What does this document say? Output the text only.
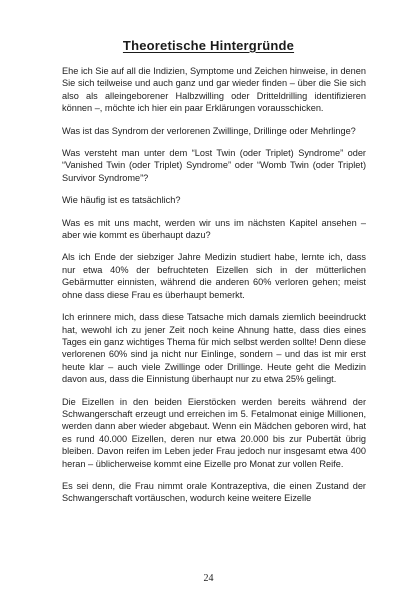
Theoretische Hintergründe

Ehe ich Sie auf all die Indizien, Symptome und Zeichen hinweise, in denen Sie sich teilweise und auch ganz und gar wieder finden – über die Sie sich also als alleingeborener Halbzwilling oder Dritteldrilling identifizieren können –, möchte ich hier ein paar Erklärungen vorausschicken.

Was ist das Syndrom der verlorenen Zwillinge, Drillinge oder Mehrlinge?

Was versteht man unter dem “Lost Twin (oder Triplet) Syndrome” oder “Vanished Twin (oder Triplet) Syndrome” oder “Womb Twin (oder Triplet) Survivor Syndrome”?

Wie häufig ist es tatsächlich?

Was es mit uns macht, werden wir uns im nächsten Kapitel ansehen – aber wie kommt es überhaupt dazu?

Als ich Ende der siebziger Jahre Medizin studiert habe, lernte ich, dass nur etwa 40% der befruchteten Eizellen sich in der mütterlichen Gebärmutter einnisten, während die anderen 60% verloren gehen; meist ohne dass diese Frau es überhaupt bemerkt.

Ich erinnere mich, dass diese Tatsache mich damals ziemlich beeindruckt hat, wewohl ich zu jener Zeit noch keine Ahnung hatte, dass dies eines Tages ein ganz wichtiges Thema für mich selbst werden sollte! Denn diese verlorenen 60% sind ja nicht nur Einlinge, sondern – und das ist mir erst heute klar – auch viele Zwillinge oder Drillinge. Heute geht die Medizin davon aus, dass die Einnistung überhaupt nur zu etwa 25% gelingt.

Die Eizellen in den beiden Eierstöcken werden bereits während der Schwangerschaft erzeugt und erreichen im 5. Fetalmonat einige Millionen, werden dann aber wieder abgebaut. Wenn ein Mädchen geboren wird, hat es rund 40.000 Eizellen, deren nur etwa 20.000 bis zur Pubertät übrig bleiben. Davon reifen im Leben jeder Frau jedoch nur insgesamt etwa 400 heran – üblicherweise kommt eine Eizelle pro Monat zur vollen Reife.

Es sei denn, die Frau nimmt orale Kontrazeptiva, die einen Zustand der Schwangerschaft vortäuschen, wodurch keine weitere Eizelle

24
